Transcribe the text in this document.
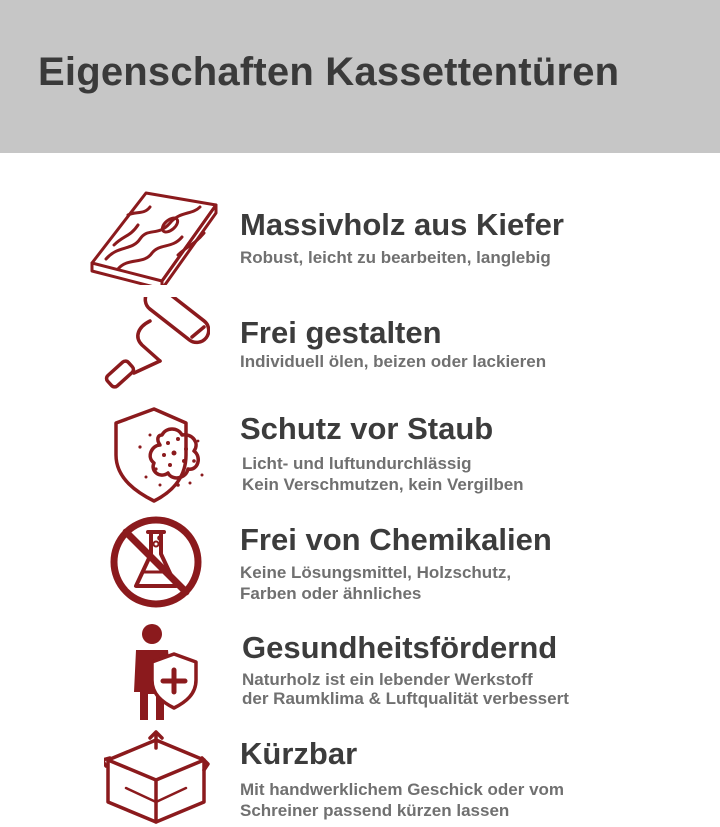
Eigenschaften Kassettentüren

Massivholz aus Kiefer

Robust, leicht zu bearbeiten, langlebig

Frei gestalten

Individuell ölen, beizen oder lackieren

Schutz vor Staub

Licht- und luftundurchlässig

Kein Verschmutzen, kein Vergilben

Frei von Chemikalien

Keine Lösungsmittel, Holzschutz,

Farben oder ähnliches

Gesundheitsfördernd

Naturholz ist ein lebender Werkstoff

der Raumklima & Luftqualität verbessert

Kürzbar

Mit handwerklichem Geschick oder vom

Schreiner passend kürzen lassen
